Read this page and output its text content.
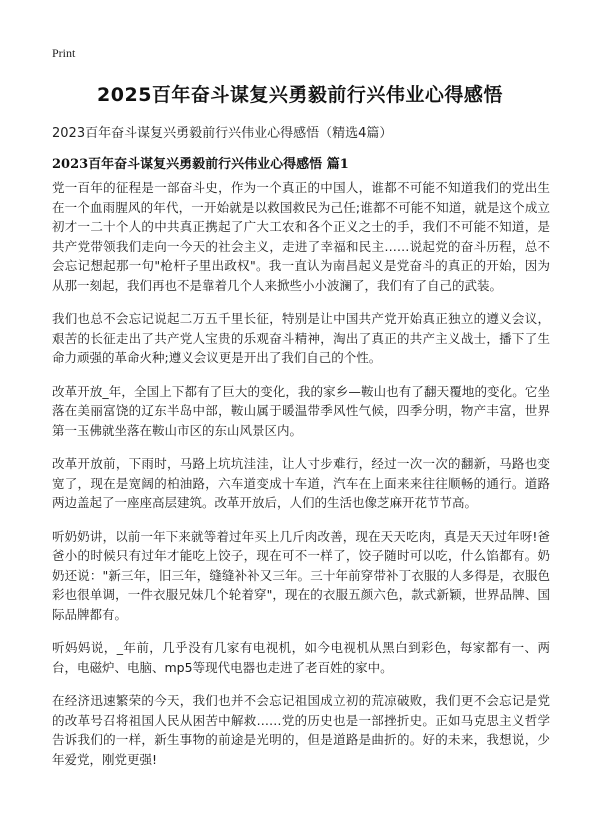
Print
2025百年奋斗谋复兴勇毅前行兴伟业心得感悟
2023百年奋斗谋复兴勇毅前行兴伟业心得感悟（精选4篇）
2023百年奋斗谋复兴勇毅前行兴伟业心得感悟 篇1

党一百年的征程是一部奋斗史，作为一个真正的中国人，谁都不可能不知道我们的党出生在一个血雨腥风的年代，一开始就是以救国救民为己任;谁都不可能不知道，就是这个成立初才一二十个人的中共真正携起了广大工农和各个正义之士的手，我们不可能不知道，是共产党带领我们走向一今天的社会主义，走进了幸福和民主……说起党的奋斗历程，总不会忘记想起那一句"枪杆子里出政权"。我一直认为南昌起义是党奋斗的真正的开始，因为从那一刻起，我们再也不是靠着几个人来掀些小小波澜了，我们有了自己的武装。

我们也总不会忘记说起二万五千里长征，特别是让中国共产党开始真正独立的遵义会议，艰苦的长征走出了共产党人宝贵的乐观奋斗精神，淘出了真正的共产主义战士，播下了生命力顽强的革命火种;遵义会议更是开出了我们自己的个性。

改革开放_年，全国上下都有了巨大的变化，我的家乡—鞍山也有了翻天覆地的变化。它坐落在美丽富饶的辽东半岛中部，鞍山属于暖温带季风性气候，四季分明，物产丰富，世界第一玉佛就坐落在鞍山市区的东山风景区内。

改革开放前，下雨时，马路上坑坑洼洼，让人寸步难行，经过一次一次的翻新，马路也变宽了，现在是宽阔的柏油路，六车道变成十车道，汽车在上面来来往往顺畅的通行。道路两边盖起了一座座高层建筑。改革开放后，人们的生活也像芝麻开花节节高。

听奶奶讲，以前一年下来就等着过年买上几斤肉改善，现在天天吃肉，真是天天过年呀!爸爸小的时候只有过年才能吃上饺子，现在可不一样了，饺子随时可以吃，什么馅都有。奶奶还说："新三年，旧三年，缝缝补补又三年。三十年前穿带补丁衣服的人多得是，衣服色彩也很单调，一件衣服兄妹几个轮着穿"，现在的衣服五颜六色，款式新颖，世界品牌、国际品牌都有。

听妈妈说，_年前，几乎没有几家有电视机，如今电视机从黑白到彩色，每家都有一、两台，电磁炉、电脑、mp5等现代电器也走进了老百姓的家中。

在经济迅速繁荣的今天，我们也并不会忘记祖国成立初的荒凉破败，我们更不会忘记是党的改革号召将祖国人民从困苦中解救……党的历史也是一部挫折史。正如马克思主义哲学告诉我们的一样，新生事物的前途是光明的，但是道路是曲折的。好的未来，我想说，少年爱党，刚党更强!
